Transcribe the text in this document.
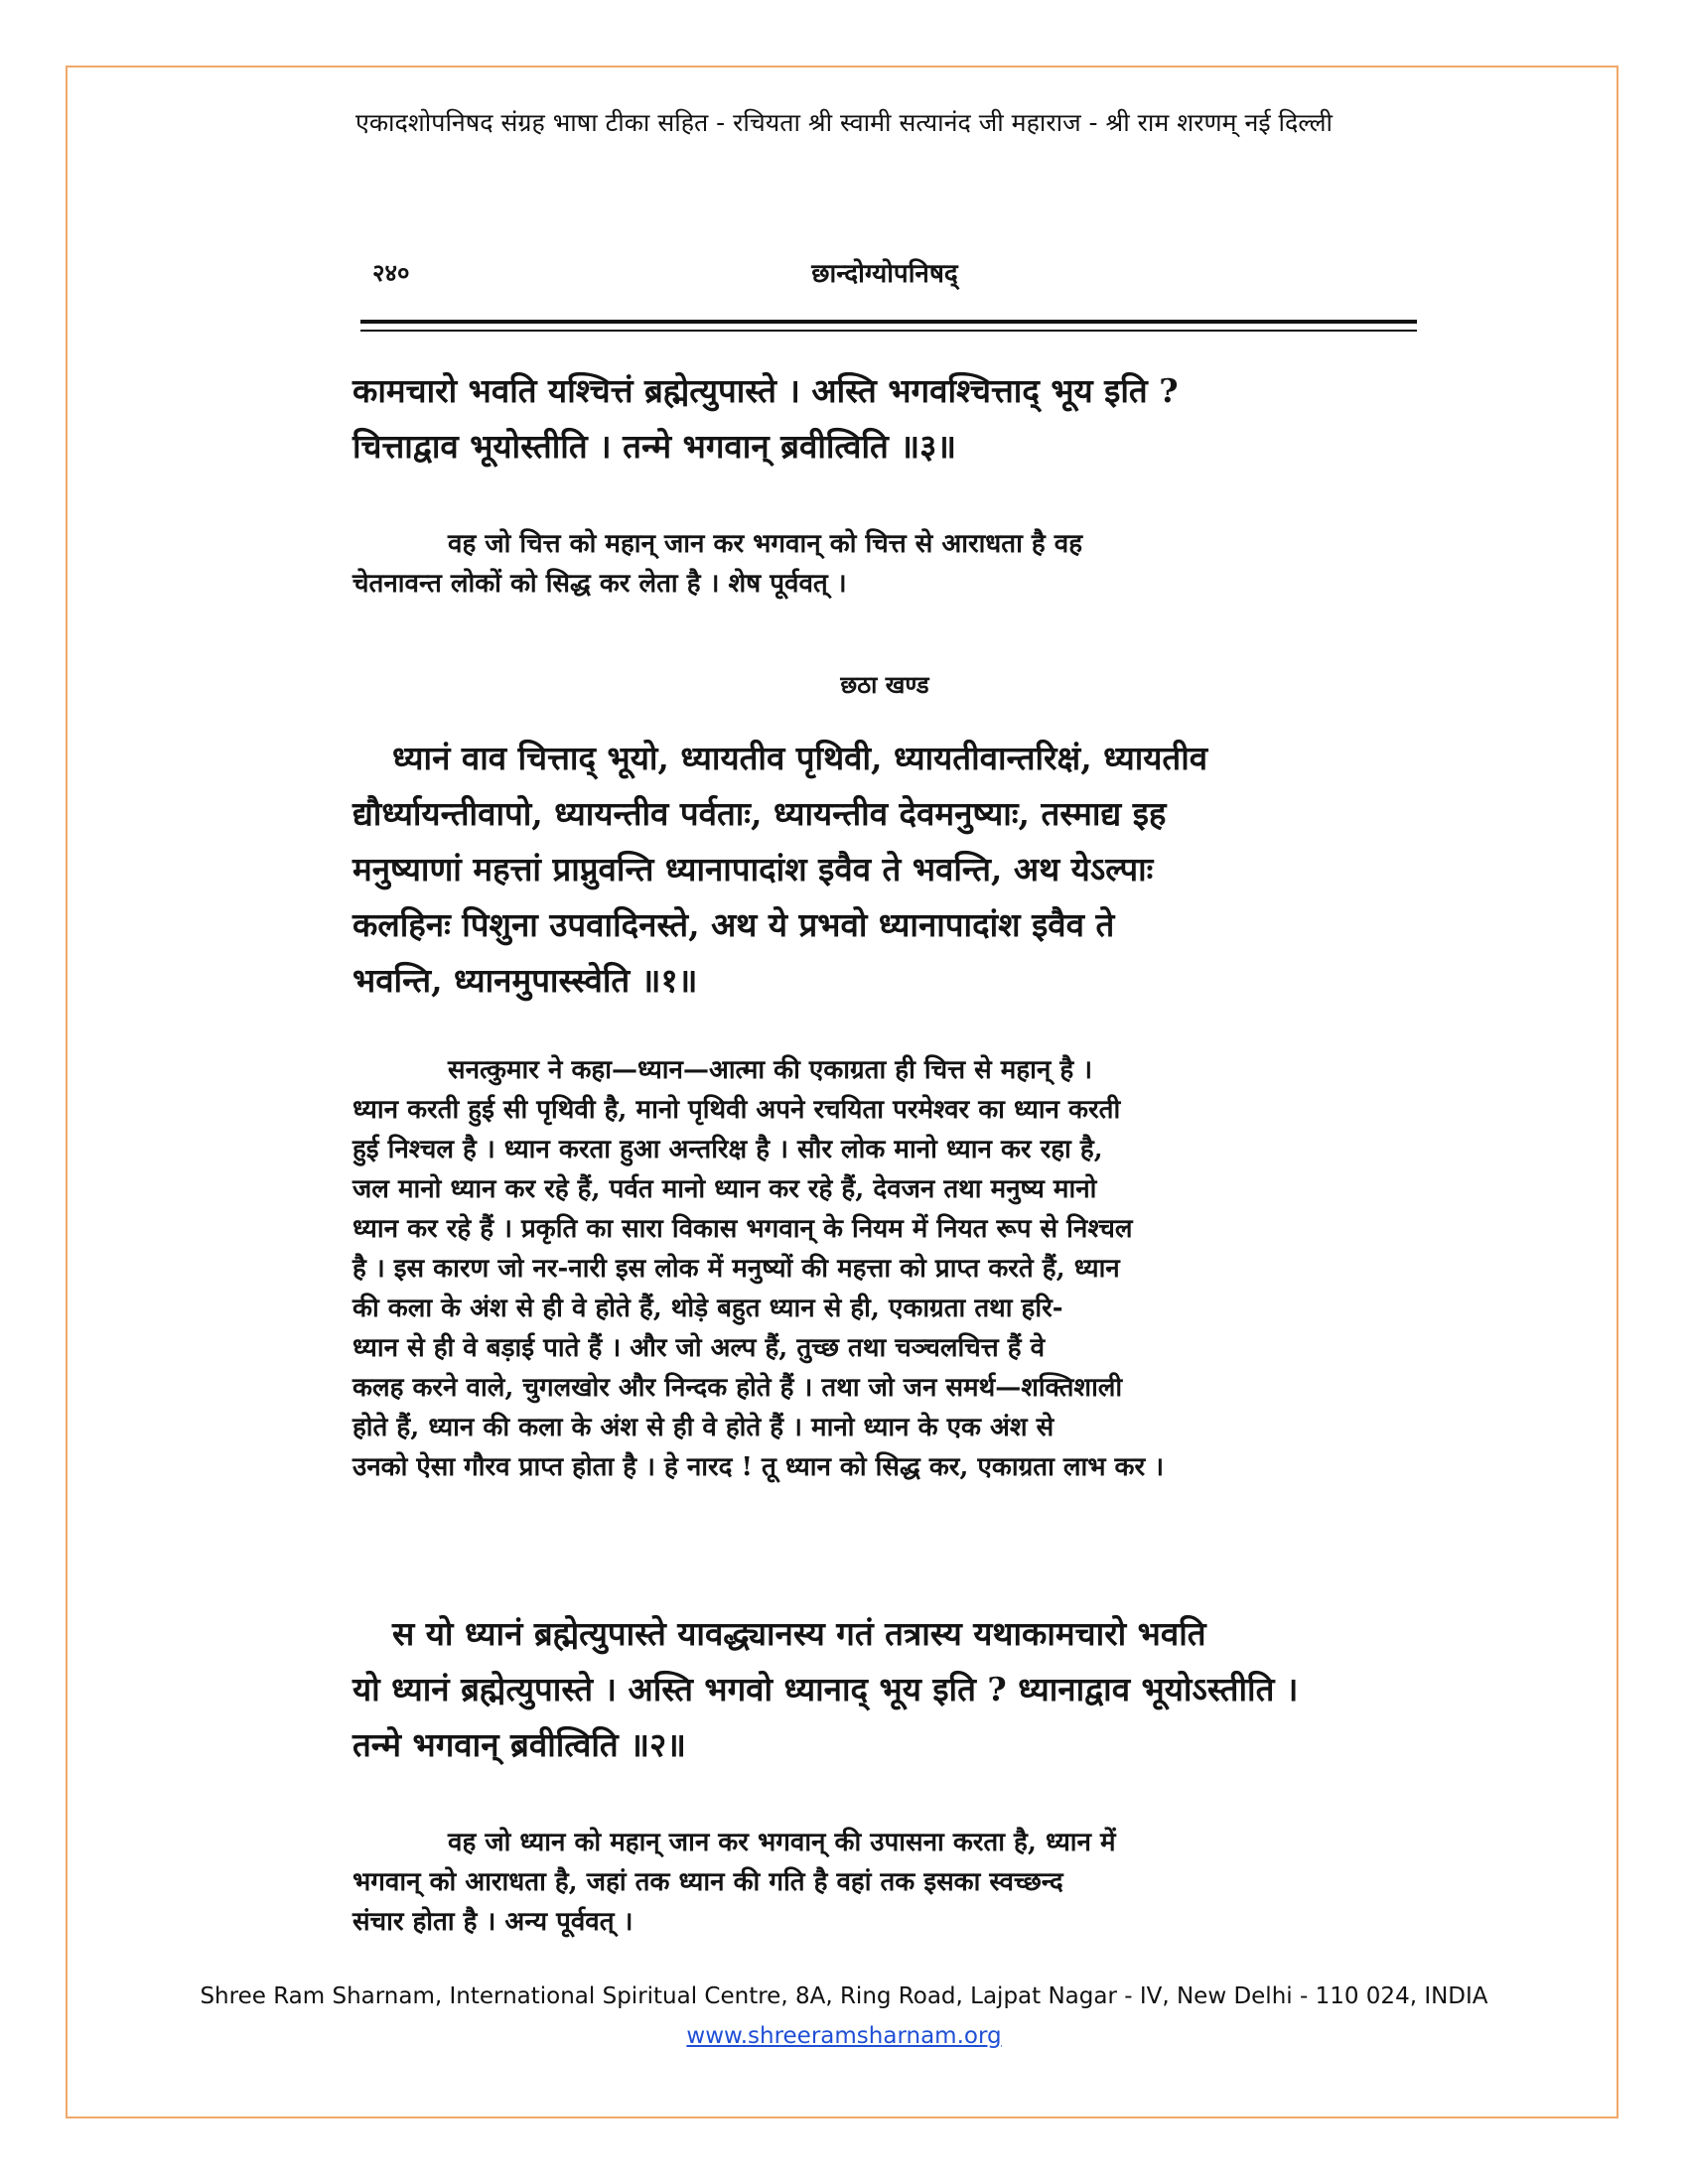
एकादशोपनिषद संग्रह भाषा टीका सहित - रचियता श्री स्वामी सत्यानंद जी महाराज - श्री राम शरणम् नई दिल्ली
२४०	छान्दोग्योपनिषद्

कामचारो भवति यश्चित्तं ब्रह्मेत्युपास्ते । अस्ति भगवश्चित्ताद् भूय इति ?

चित्ताद्वाव भूयोस्तीति । तन्मे भगवान् ब्रवीत्विति ॥३॥

वह जो चित्त को महान् जान कर भगवान् को चित्त से आराधता है वह

चेतनावन्त लोकों को सिद्ध कर लेता है । शेष पूर्ववत् ।

छठा खण्ड

ध्यानं वाव चित्ताद् भूयो, ध्यायतीव पृथिवी, ध्यायतीवान्तरिक्षं, ध्यायतीव

द्यौर्ध्यायन्तीवापो, ध्यायन्तीव पर्वताः, ध्यायन्तीव देवमनुष्याः, तस्माद्य इह

मनुष्याणां महत्तां प्राप्नुवन्ति ध्यानापादांश इवैव ते भवन्ति, अथ येऽल्पाः

कलहिनः पिशुना उपवादिनस्ते, अथ ये प्रभवो ध्यानापादांश इवैव ते

भवन्ति, ध्यानमुपास्स्वेति ॥१॥

सनत्कुमार ने कहा—ध्यान—आत्मा की एकाग्रता ही चित्त से महान् है ।

ध्यान करती हुई सी पृथिवी है, मानो पृथिवी अपने रचयिता परमेश्वर का ध्यान करती

हुई निश्चल है । ध्यान करता हुआ अन्तरिक्ष है । सौर लोक मानो ध्यान कर रहा है,

जल मानो ध्यान कर रहे हैं, पर्वत मानो ध्यान कर रहे हैं, देवजन तथा मनुष्य मानो

ध्यान कर रहे हैं । प्रकृति का सारा विकास भगवान् के नियम में नियत रूप से निश्चल

है । इस कारण जो नर-नारी इस लोक में मनुष्यों की महत्ता को प्राप्त करते हैं, ध्यान

की कला के अंश से ही वे होते हैं, थोड़े बहुत ध्यान से ही, एकाग्रता तथा हरि-

ध्यान से ही वे बड़ाई पाते हैं । और जो अल्प हैं, तुच्छ तथा चञ्चलचित्त हैं वे

कलह करने वाले, चुगलखोर और निन्दक होते हैं । तथा जो जन समर्थ—शक्तिशाली

होते हैं, ध्यान की कला के अंश से ही वे होते हैं । मानो ध्यान के एक अंश से

उनको ऐसा गौरव प्राप्त होता है । हे नारद ! तू ध्यान को सिद्ध कर, एकाग्रता लाभ कर ।

स यो ध्यानं ब्रह्मेत्युपास्ते यावद्ध्यानस्य गतं तत्रास्य यथाकामचारो भवति

यो ध्यानं ब्रह्मेत्युपास्ते । अस्ति भगवो ध्यानाद् भूय इति ? ध्यानाद्वाव भूयोऽस्तीति ।

तन्मे भगवान् ब्रवीत्विति ॥२॥

वह जो ध्यान को महान् जान कर भगवान् की उपासना करता है, ध्यान में

भगवान् को आराधता है, जहां तक ध्यान की गति है वहां तक इसका स्वच्छन्द

संचार होता है । अन्य पूर्ववत् ।

Shree Ram Sharnam, International Spiritual Centre, 8A, Ring Road, Lajpat Nagar - IV, New Delhi - 110 024, INDIA
www.shreeramsharnam.org
